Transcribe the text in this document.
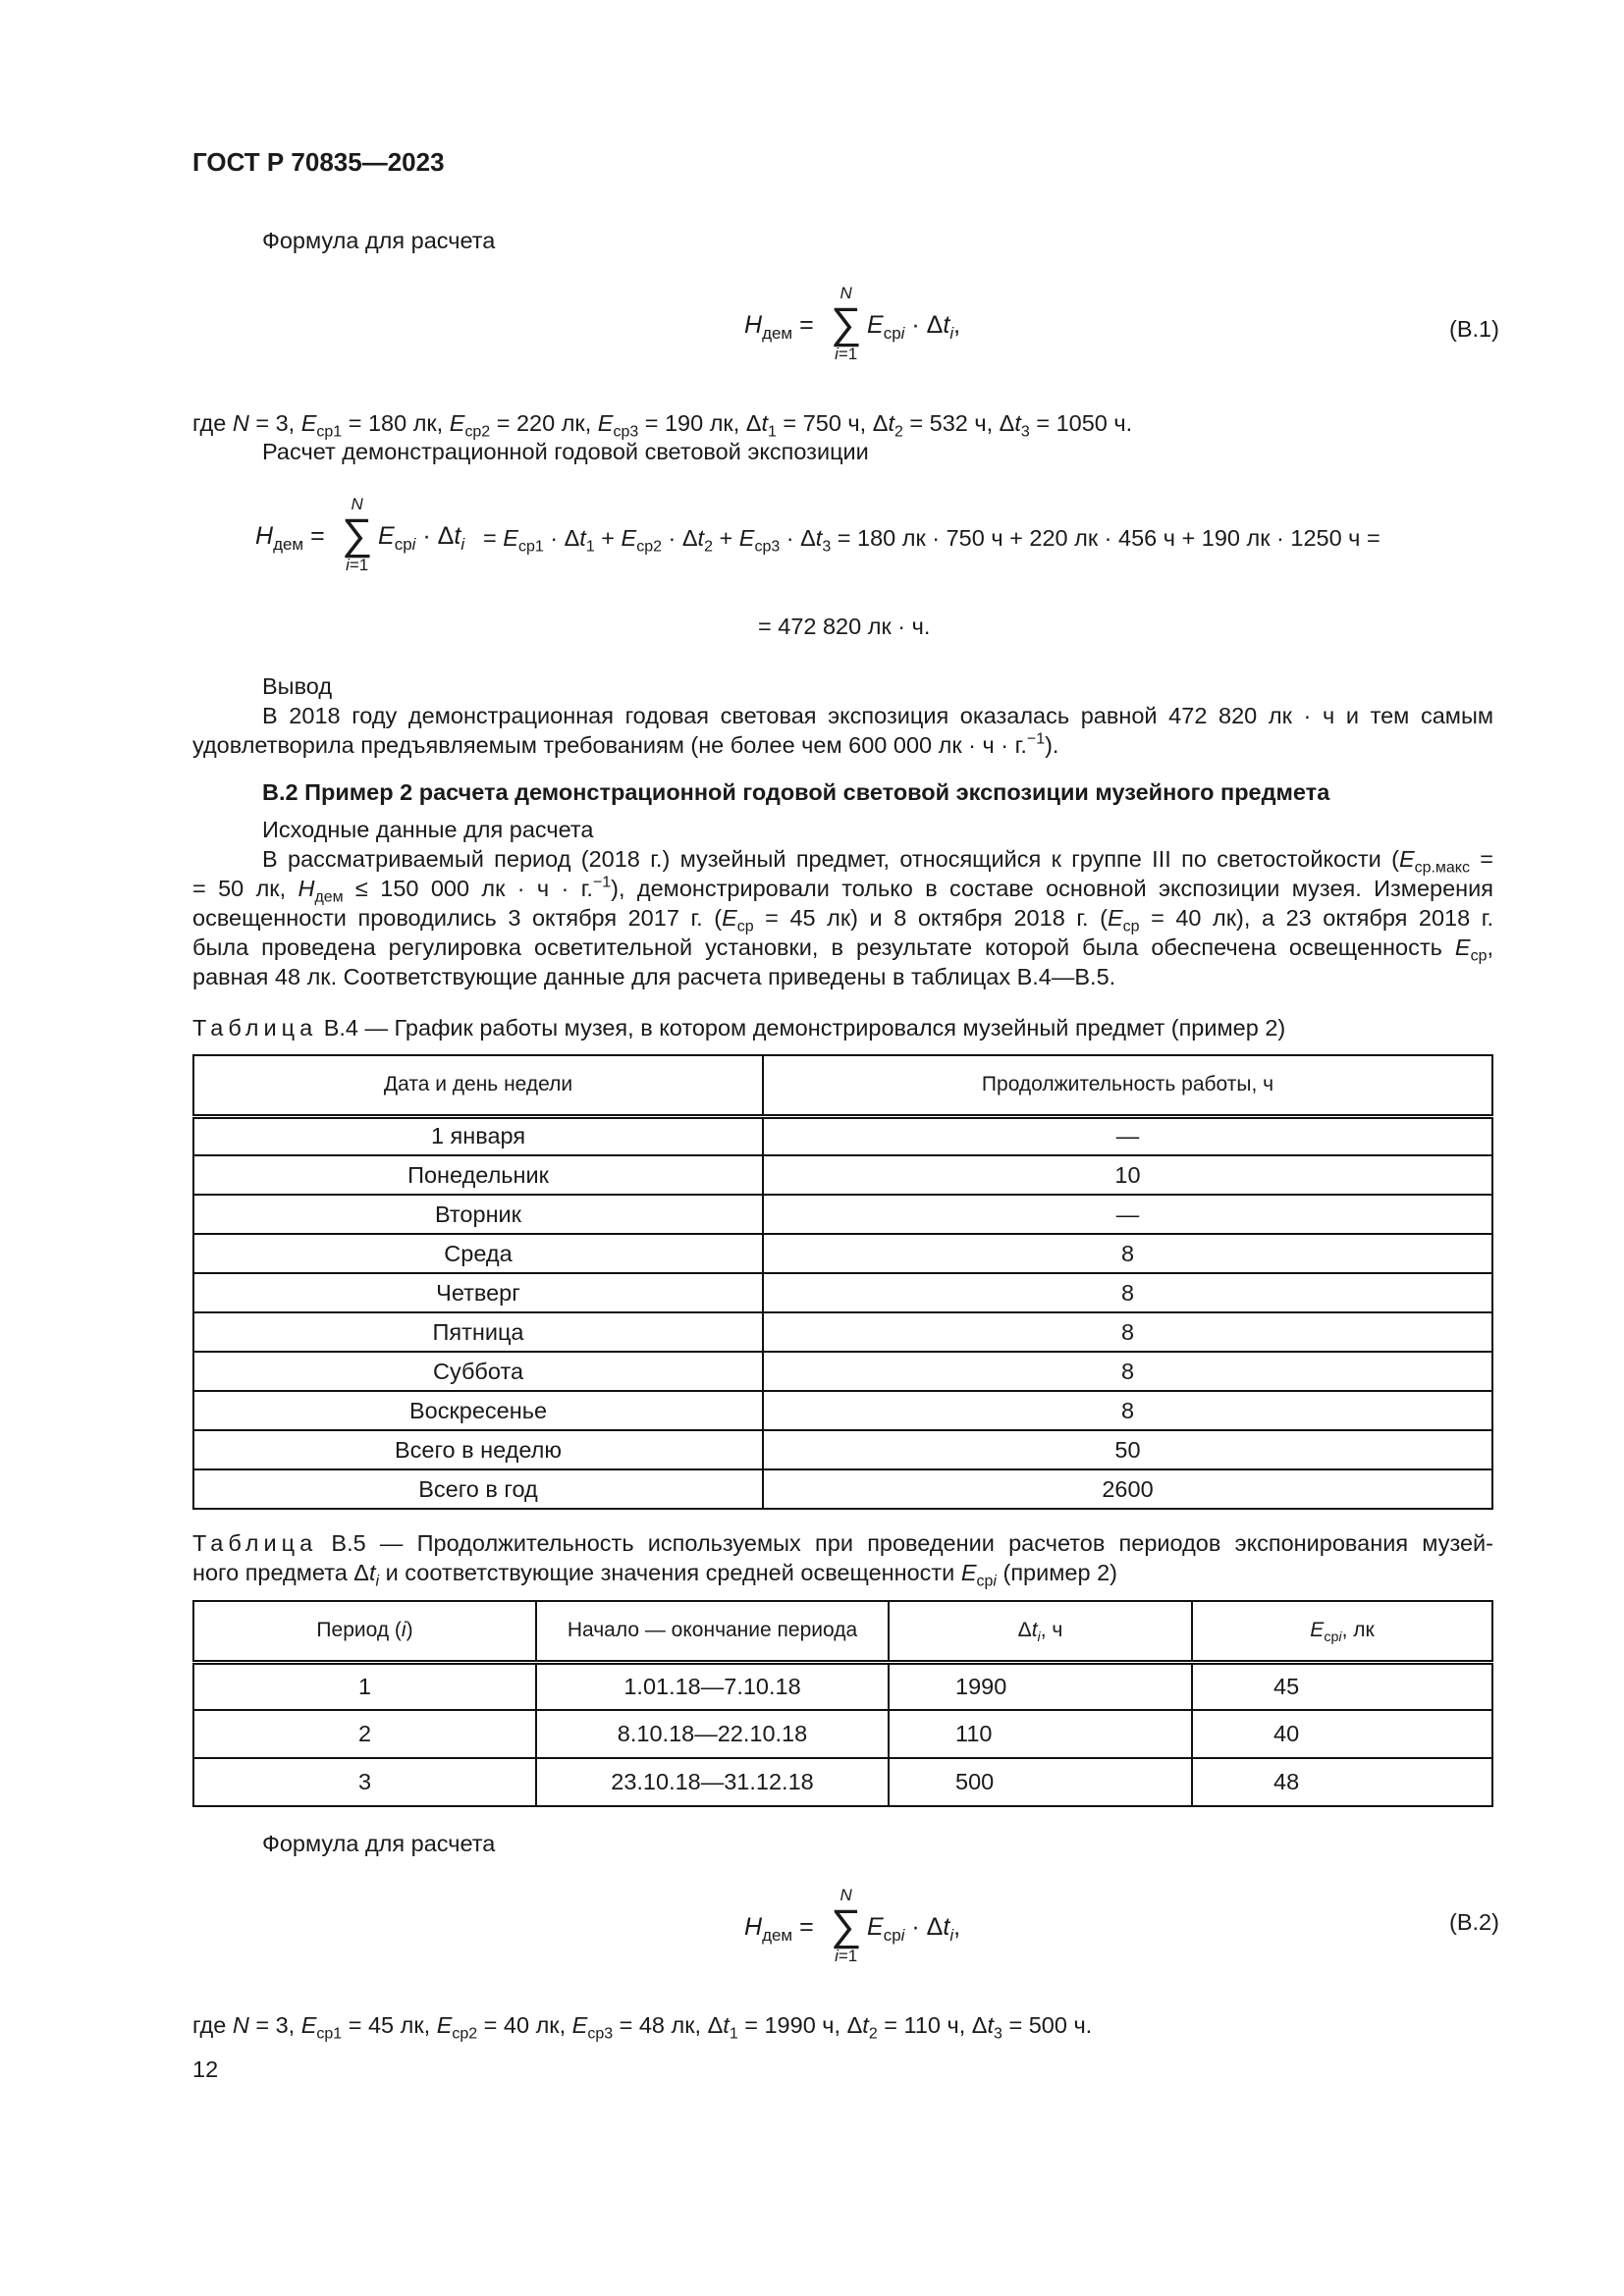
ГОСТ Р 70835—2023
Формула для расчета
$H_{дем}$ =
N
∑
i=1
$E_{срi} \cdot \Delta t_i$,	(В.1)
где N = 3, $E_{ср1} = 180$ лк, $E_{ср2} = 220$ лк, $E_{ср3} = 190$ лк, $\Delta t_1 = 750$ ч, $\Delta t_2 = 532$ ч, $\Delta t_3 = 1050$ ч.
Расчет демонстрационной годовой световой экспозиции
$H_{дем}$ =
N
∑
i=1
$E_{срi} \cdot \Delta t_i = E_{ср1} \cdot \Delta t_1 + E_{ср2} \cdot \Delta t_2 + E_{ср3} \cdot \Delta t_3 = 180$ лк · 750 ч + 220 лк · 456 ч + 190 лк · 1250 ч =
= 472 820 лк · ч.
Вывод
В 2018 году демонстрационная годовая световая экспозиция оказалась равной 472 820 лк · ч и тем самым
удовлетворила предъявляемым требованиям (не более чем 600 000 лк · ч · г.$^{-1}$).
В.2 Пример 2 расчета демонстрационной годовой световой экспозиции музейного предмета
Исходные данные для расчета
В рассматриваемый период (2018 г.) музейный предмет, относящийся к группе III по светостойкости ($E_{ср.макс}$ =
= 50 лк, $H_{дем} \le 150$ 000 лк · ч · г.$^{-1}$), демонстрировали только в составе основной экспозиции музея. Измерения
освещенности проводились 3 октября 2017 г. ($E_{ср} = 45$ лк) и 8 октября 2018 г. ($E_{ср} = 40$ лк), а 23 октября 2018 г.
была проведена регулировка осветительной установки, в результате которой была обеспечена освещенность $E_{ср}$,
равная 48 лк. Соответствующие данные для расчета приведены в таблицах В.4—В.5.
Таблица В.4 — График работы музея, в котором демонстрировался музейный предмет (пример 2)
Дата и день недели	Продолжительность работы, ч
1 января	—
Понедельник	10
Вторник	—
Среда	8
Четверг	8
Пятница	8
Суббота	8
Воскресенье	8
Всего в неделю	50
Всего в год	2600
Таблица В.5 — Продолжительность используемых при проведении расчетов периодов экспонирования музей-
ного предмета $\Delta t_i$ и соответствующие значения средней освещенности $E_{срi}$ (пример 2)
Период (i)	Начало — окончание периода	$\Delta t_i$, ч	$E_{срi}$, лк
1	1.01.18—7.10.18	1990	45
2	8.10.18—22.10.18	110	40
3	23.10.18—31.12.18	500	48
Формула для расчета
$H_{дем}$ =
N
∑
i=1
$E_{срi} \cdot \Delta t_i$,	(В.2)
где N = 3, $E_{ср1} = 45$ лк, $E_{ср2} = 40$ лк, $E_{ср3} = 48$ лк, $\Delta t_1 = 1990$ ч, $\Delta t_2 = 110$ ч, $\Delta t_3 = 500$ ч.
12
